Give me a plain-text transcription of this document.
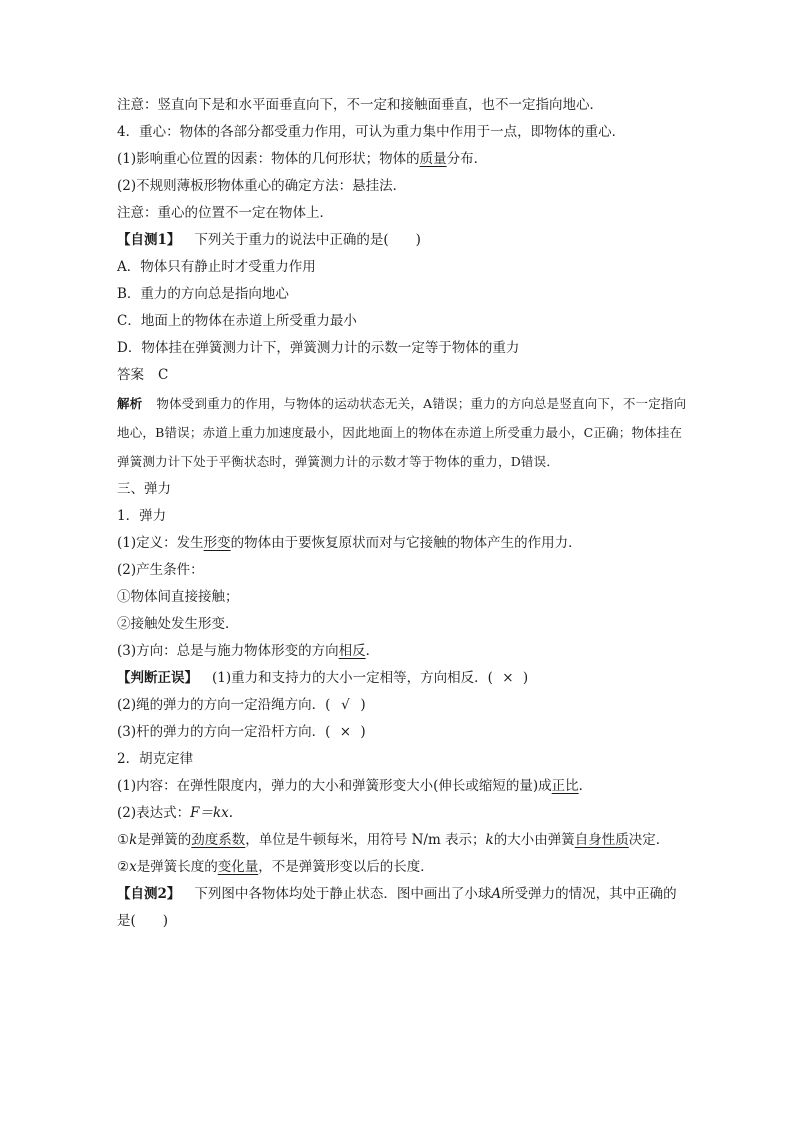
注意：竖直向下是和水平面垂直向下，不一定和接触面垂直，也不一定指向地心．
4．重心：物体的各部分都受重力作用，可认为重力集中作用于一点，即物体的重心．
(1)影响重心位置的因素：物体的几何形状；物体的质量分布．
(2)不规则薄板形物体重心的确定方法：悬挂法．
注意：重心的位置不一定在物体上．
【自测1】 下列关于重力的说法中正确的是(　　)
A．物体只有静止时才受重力作用
B．重力的方向总是指向地心
C．地面上的物体在赤道上所受重力最小
D．物体挂在弹簧测力计下，弹簧测力计的示数一定等于物体的重力
答案 C
解析 物体受到重力的作用，与物体的运动状态无关，A错误；重力的方向总是竖直向下，不一定指向地心，B错误；赤道上重力加速度最小，因此地面上的物体在赤道上所受重力最小，C正确；物体挂在弹簧测力计下处于平衡状态时，弹簧测力计的示数才等于物体的重力，D错误．
三、弹力
1．弹力
(1)定义：发生形变的物体由于要恢复原状而对与它接触的物体产生的作用力．
(2)产生条件：
①物体间直接接触；
②接触处发生形变．
(3)方向：总是与施力物体形变的方向相反．
【判断正误】 (1)重力和支持力的大小一定相等，方向相反．( × )
(2)绳的弹力的方向一定沿绳方向．( √ )
(3)杆的弹力的方向一定沿杆方向．( × )
2．胡克定律
(1)内容：在弹性限度内，弹力的大小和弹簧形变大小(伸长或缩短的量)成正比．
(2)表达式：F＝kx.
①k是弹簧的劲度系数，单位是牛顿每米，用符号 N/m 表示；k的大小由弹簧自身性质决定．
②x是弹簧长度的变化量，不是弹簧形变以后的长度．
【自测2】 下列图中各物体均处于静止状态．图中画出了小球A所受弹力的情况，其中正确的是(　　)
